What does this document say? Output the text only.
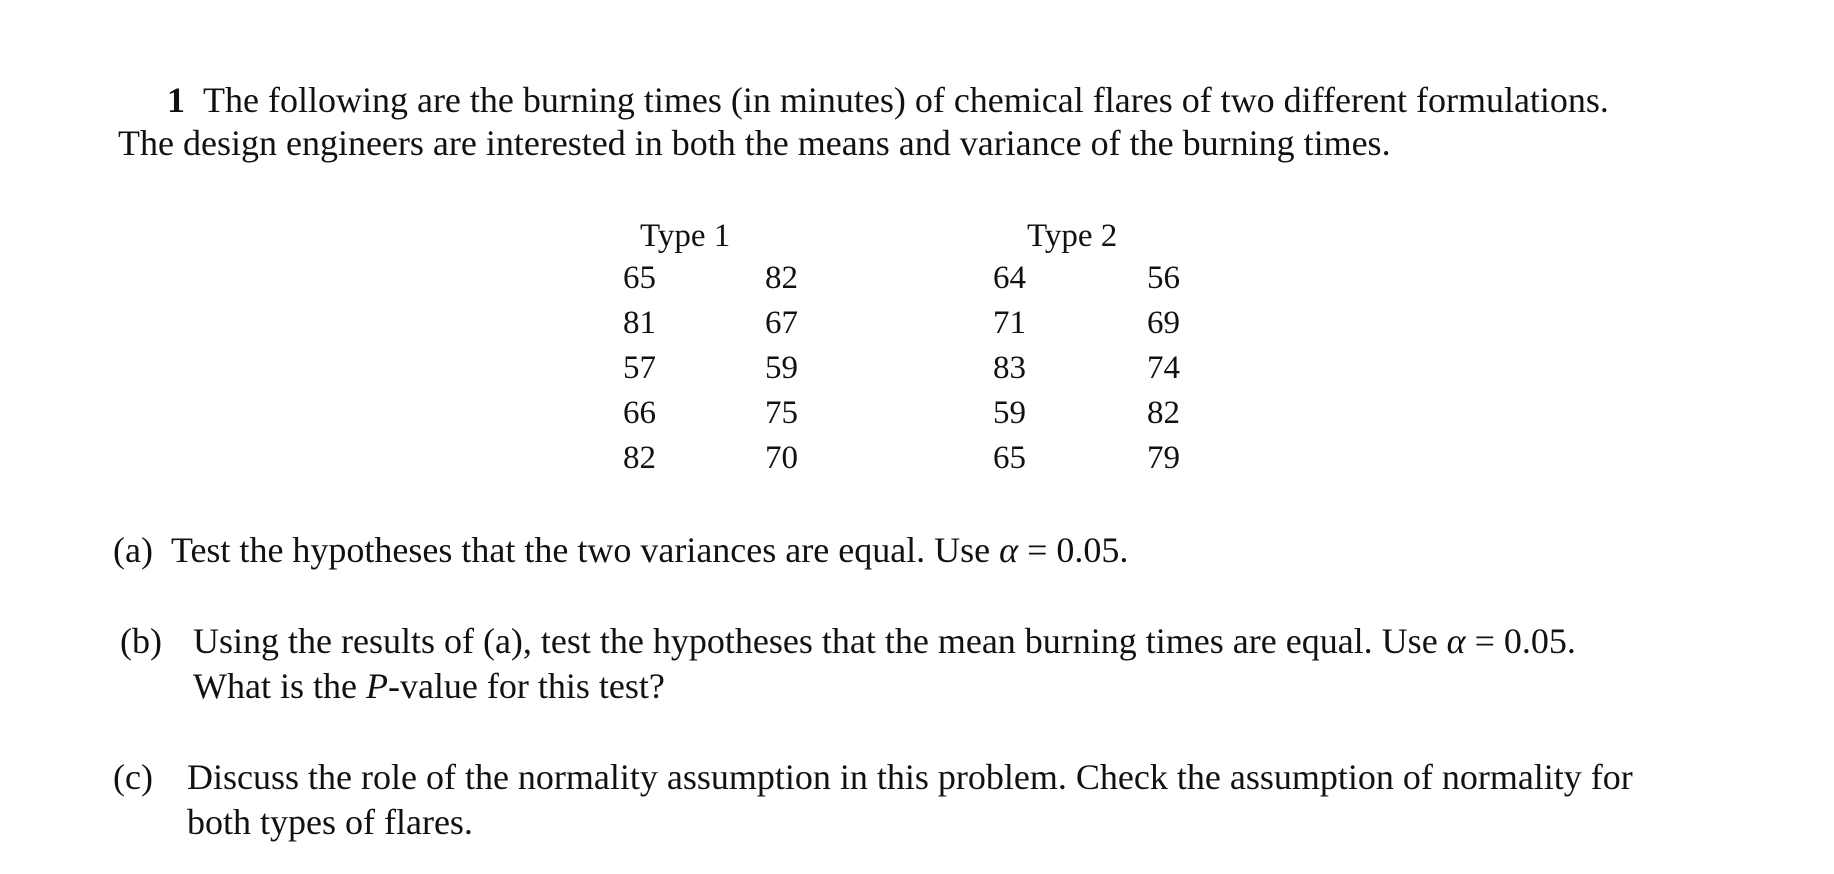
1 The following are the burning times (in minutes) of chemical flares of two different formulations.
The design engineers are interested in both the means and variance of the burning times.
Type 1	Type 2
65
81
57
66
82
82
67
59
75
70
64
71
83
59
65
56
69
74
82
79
(a) Test the hypotheses that the two variances are equal. Use α = 0.05.
(b) Using the results of (a), test the hypotheses that the mean burning times are equal. Use α = 0.05.
What is the P-value for this test?
(c) Discuss the role of the normality assumption in this problem. Check the assumption of normality for
both types of flares.
